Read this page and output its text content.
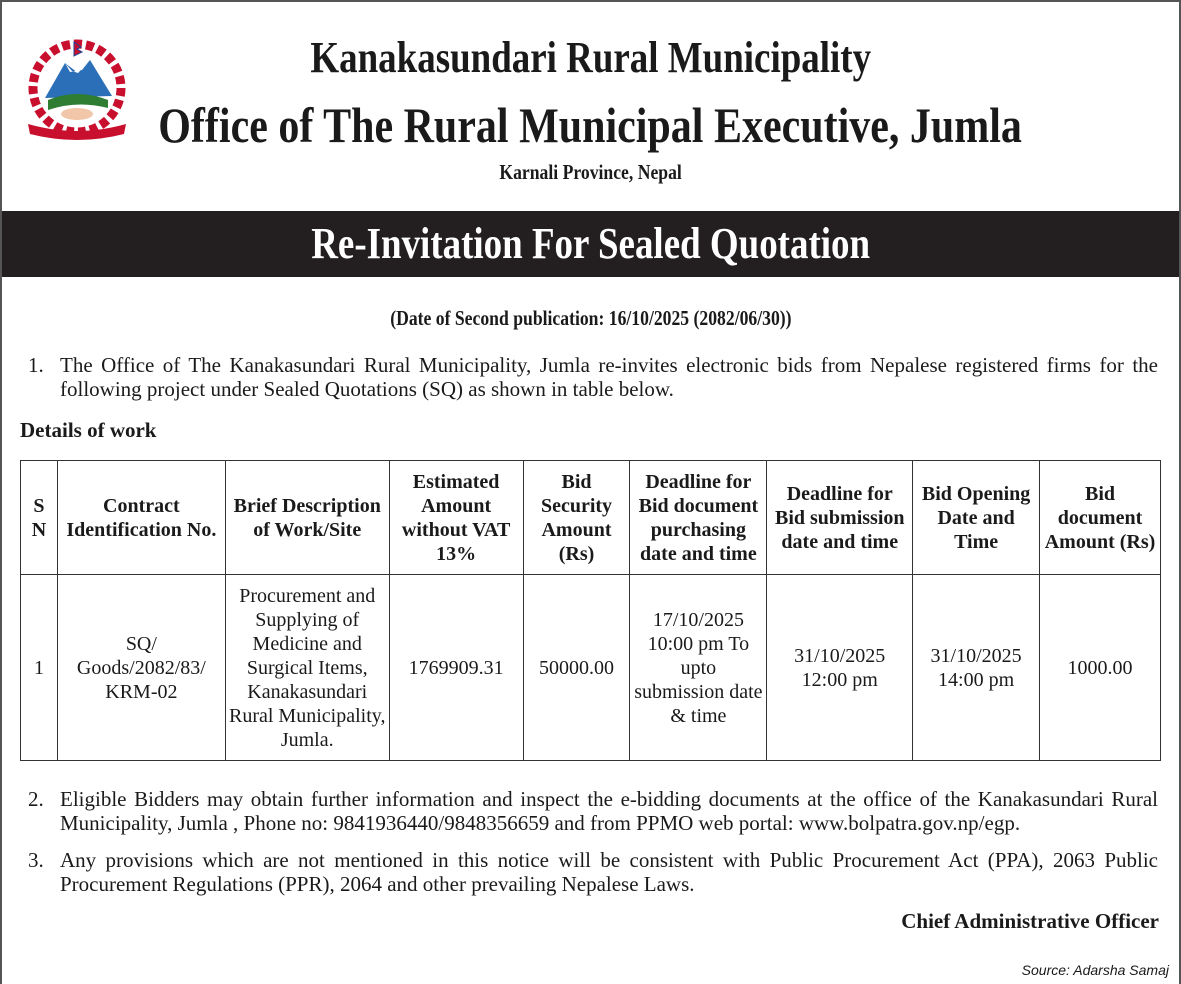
Kanakasundari Rural Municipality
Office of The Rural Municipal Executive, Jumla
Karnali Province, Nepal
Re-Invitation For Sealed Quotation
(Date of Second publication: 16/10/2025 (2082/06/30))
1. The Office of The Kanakasundari Rural Municipality, Jumla re-invites electronic bids from Nepalese registered firms for the following project under Sealed Quotations (SQ) as shown in table below.
Details of work
S N	Contract Identification No.	Brief Description of Work/Site	Estimated Amount without VAT 13%	Bid Security Amount (Rs)	Deadline for Bid document purchasing date and time	Deadline for Bid submission date and time	Bid Opening Date and Time	Bid document Amount (Rs)
1	SQ/ Goods/2082/83/ KRM-02	Procurement and Supplying of Medicine and Surgical Items, Kanakasundari Rural Municipality, Jumla.	1769909.31	50000.00	17/10/2025 10:00 pm To upto submission date & time	31/10/2025 12:00 pm	31/10/2025 14:00 pm	1000.00
2. Eligible Bidders may obtain further information and inspect the e-bidding documents at the office of the Kanakasundari Rural Municipality, Jumla , Phone no: 9841936440/9848356659 and from PPMO web portal: www.bolpatra.gov.np/egp.
3. Any provisions which are not mentioned in this notice will be consistent with Public Procurement Act (PPA), 2063 Public Procurement Regulations (PPR), 2064 and other prevailing Nepalese Laws.
Chief Administrative Officer
Source: Adarsha Samaj
